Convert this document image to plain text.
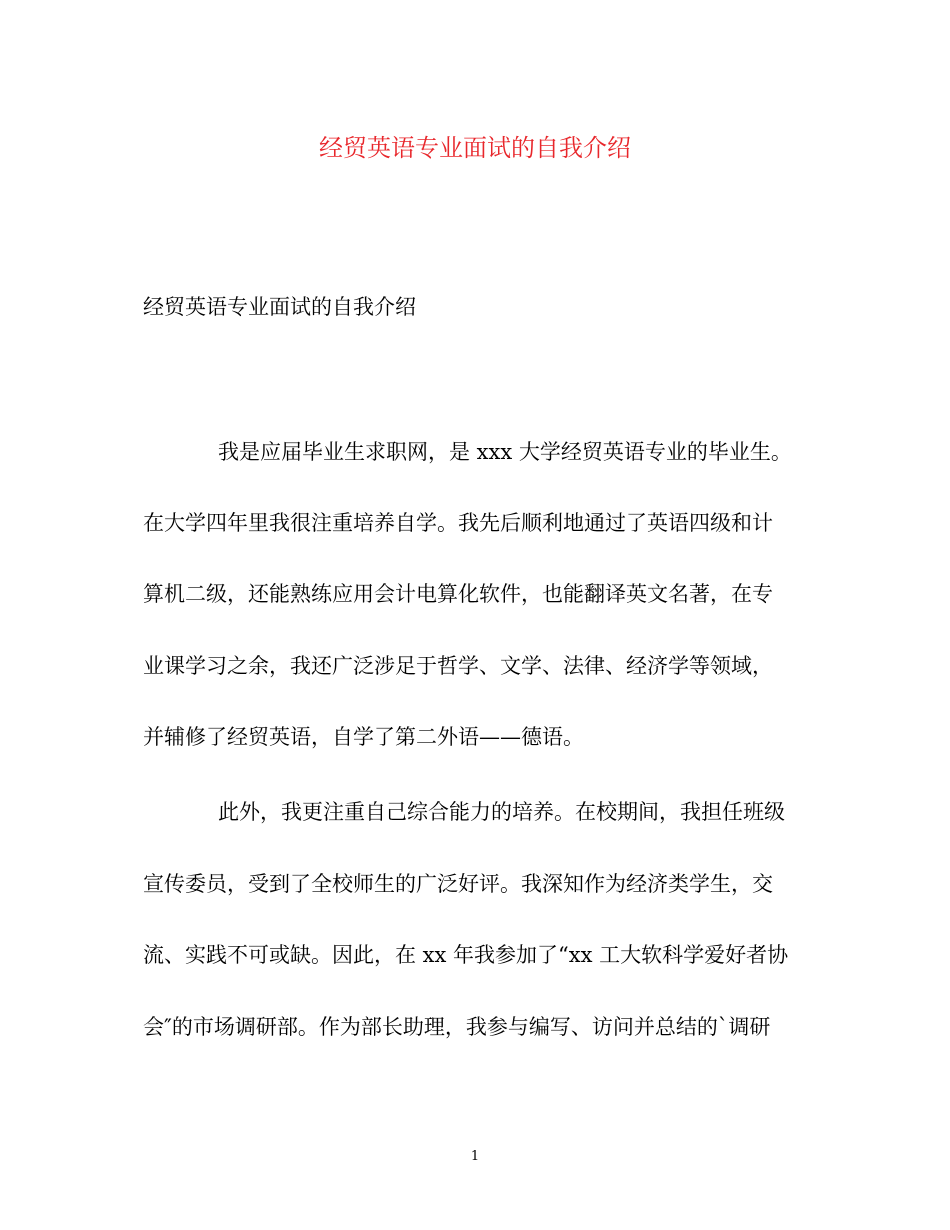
经贸英语专业面试的自我介绍
经贸英语专业面试的自我介绍
我是应届毕业生求职网，是 xxx 大学经贸英语专业的毕业生。
在大学四年里我很注重培养自学。我先后顺利地通过了英语四级和计
算机二级，还能熟练应用会计电算化软件，也能翻译英文名著，在专
业课学习之余，我还广泛涉足于哲学、文学、法律、经济学等领域，
并辅修了经贸英语，自学了第二外语——德语。
此外，我更注重自己综合能力的培养。在校期间，我担任班级
宣传委员，受到了全校师生的广泛好评。我深知作为经济类学生，交
流、实践不可或缺。因此，在 xx 年我参加了“xx 工大软科学爱好者协
会″的市场调研部。作为部长助理，我参与编写、访问并总结的`调研
1
